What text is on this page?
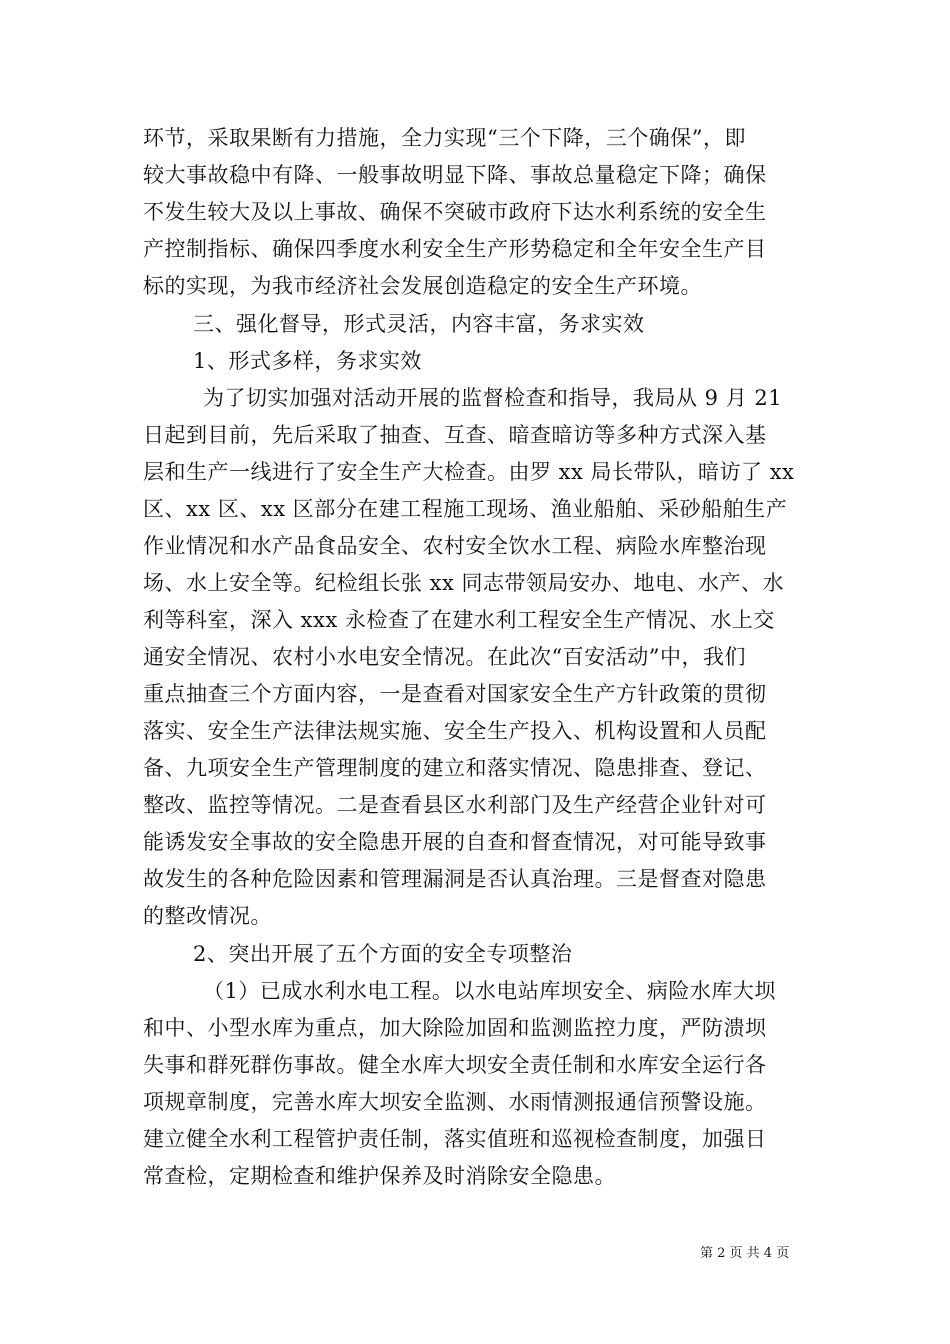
环节，采取果断有力措施，全力实现“三个下降，三个确保”，即
较大事故稳中有降、一般事故明显下降、事故总量稳定下降；确保
不发生较大及以上事故、确保不突破市政府下达水利系统的安全生
产控制指标、确保四季度水利安全生产形势稳定和全年安全生产目
标的实现，为我市经济社会发展创造稳定的安全生产环境。
三、强化督导，形式灵活，内容丰富，务求实效
1、形式多样，务求实效
为了切实加强对活动开展的监督检查和指导，我局从 9 月 21
日起到目前，先后采取了抽查、互查、暗查暗访等多种方式深入基
层和生产一线进行了安全生产大检查。由罗 xx 局长带队，暗访了 xx
区、xx 区、xx 区部分在建工程施工现场、渔业船舶、采砂船舶生产
作业情况和水产品食品安全、农村安全饮水工程、病险水库整治现
场、水上安全等。纪检组长张 xx 同志带领局安办、地电、水产、水
利等科室，深入 xxx 永检查了在建水利工程安全生产情况、水上交
通安全情况、农村小水电安全情况。在此次“百安活动”中，我们
重点抽查三个方面内容，一是查看对国家安全生产方针政策的贯彻
落实、安全生产法律法规实施、安全生产投入、机构设置和人员配
备、九项安全生产管理制度的建立和落实情况、隐患排查、登记、
整改、监控等情况。二是查看县区水利部门及生产经营企业针对可
能诱发安全事故的安全隐患开展的自查和督查情况，对可能导致事
故发生的各种危险因素和管理漏洞是否认真治理。三是督查对隐患
的整改情况。
2、突出开展了五个方面的安全专项整治
（1）已成水利水电工程。以水电站库坝安全、病险水库大坝
和中、小型水库为重点，加大除险加固和监测监控力度，严防溃坝
失事和群死群伤事故。健全水库大坝安全责任制和水库安全运行各
项规章制度，完善水库大坝安全监测、水雨情测报通信预警设施。
建立健全水利工程管护责任制，落实值班和巡视检查制度，加强日
常查检，定期检查和维护保养及时消除安全隐患。
第 2 页 共 4 页
